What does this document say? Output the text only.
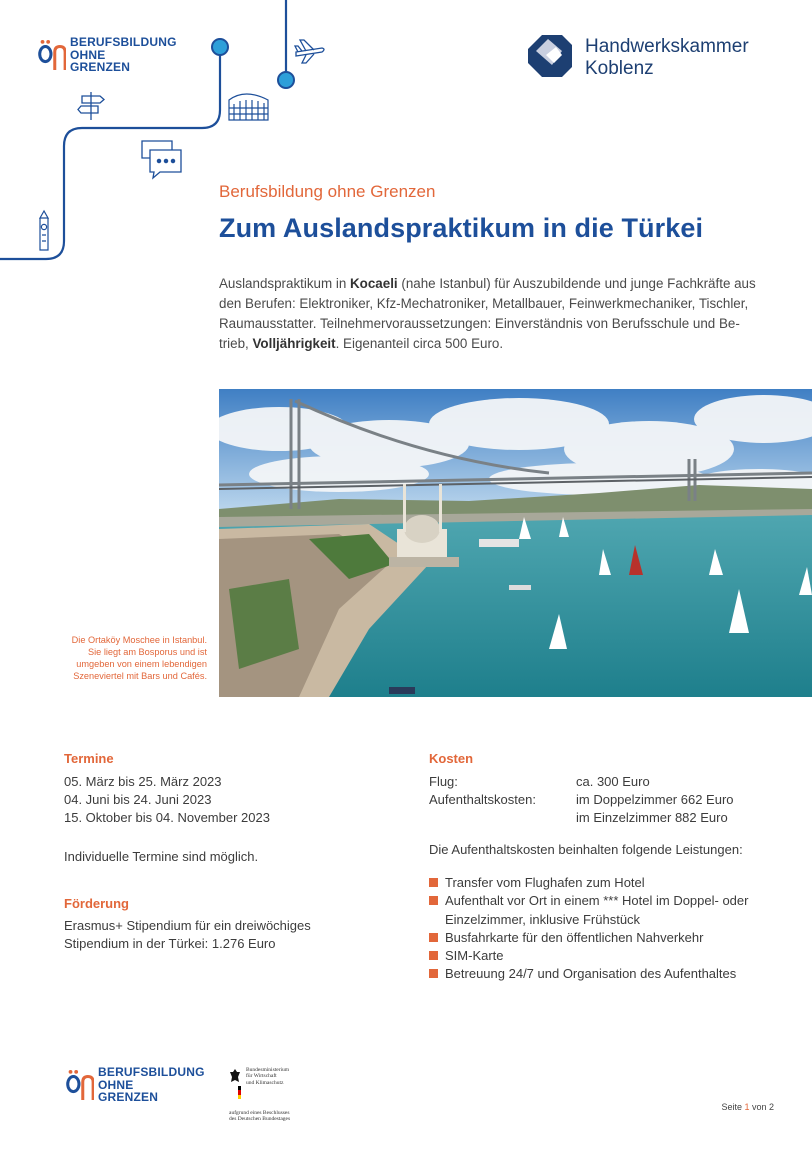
BERUFSBILDUNG
OHNE
GRENZEN
Handwerkskammer
Koblenz
Berufsbildung ohne Grenzen
Zum Auslandspraktikum in die Türkei
Auslandspraktikum in Kocaeli (nahe Istanbul) für Auszubildende und junge Fachkräfte aus den Berufen: Elektroniker, Kfz-Mechatroniker, Metallbauer, Feinwerkmechaniker, Tischler, Raumausstatter. Teilnehmervoraussetzungen: Einverständnis von Berufsschule und Be-trieb, Volljährigkeit. Eigenanteil circa 500 Euro.
Die Ortaköy Moschee in Istanbul. Sie liegt am Bosporus und ist umgeben von einem lebendigen Szeneviertel mit Bars und Cafés.
Termine
05. März bis 25. März 2023
04. Juni bis 24. Juni 2023
15. Oktober bis 04. November 2023
Individuelle Termine sind möglich.
Förderung
Erasmus+ Stipendium für ein dreiwöchiges
Stipendium in der Türkei: 1.276 Euro
Kosten
Flug:	ca. 300 Euro
Aufenthaltskosten:	im Doppelzimmer 662 Euro
im Einzelzimmer 882 Euro
Die Aufenthaltskosten beinhalten folgende Leistungen:
Transfer vom Flughafen zum Hotel
Aufenthalt vor Ort in einem *** Hotel im Doppel- oder Einzelzimmer, inklusive Frühstück
Busfahrkarte für den öffentlichen Nahverkehr
SIM-Karte
Betreuung 24/7 und Organisation des Aufenthaltes
BERUFSBILDUNG
OHNE
GRENZEN
Bundesministerium
für Wirtschaft
und Klimaschutz
aufgrund eines Beschlusses
des Deutschen Bundestages
Seite 1 von 2
